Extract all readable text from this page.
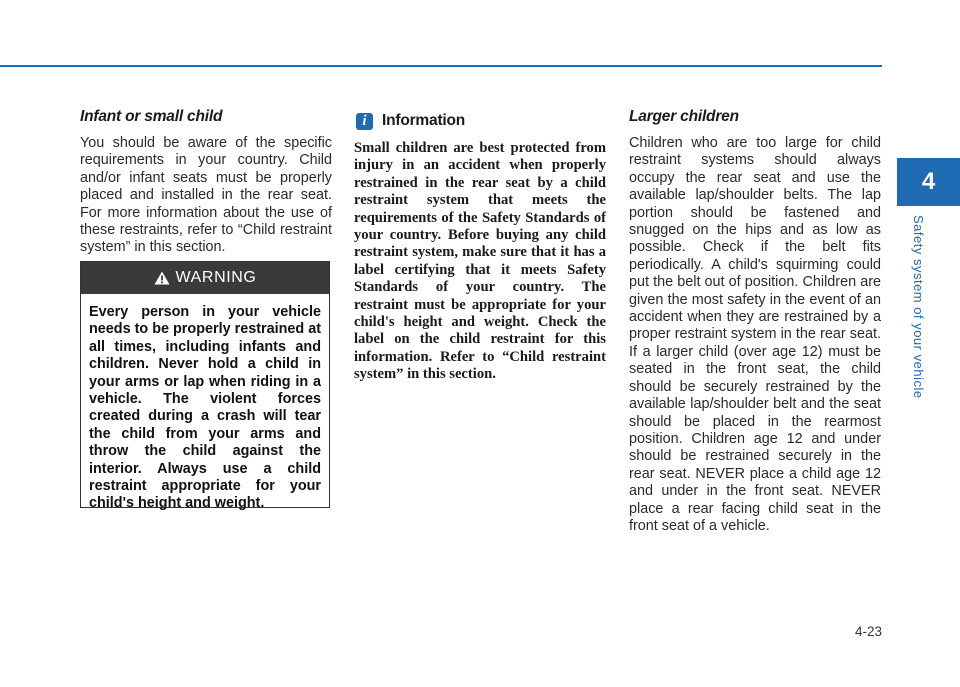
4
Safety system of your vehicle
Infant or small child

You should be aware of the specific requirements in your country. Child and/or infant seats must be properly placed and installed in the rear seat. For more information about the use of these restraints, refer to “Child restraint system” in this section.

WARNING
Every person in your vehicle needs to be properly restrained at all times, including infants and children. Never hold a child in your arms or lap when riding in a vehicle. The violent forces created during a crash will tear the child from your arms and throw the child against the interior. Always use a child restraint appropriate for your child's height and weight.
i Information

Small children are best protected from injury in an accident when properly restrained in the rear seat by a child restraint system that meets the requirements of the Safety Standards of your country. Before buying any child restraint system, make sure that it has a label certifying that it meets Safety Standards of your country. The restraint must be appropriate for your child's height and weight. Check the label on the child restraint for this information. Refer to “Child restraint system” in this section.

Larger children

Children who are too large for child restraint systems should always occupy the rear seat and use the available lap/shoulder belts. The lap portion should be fastened and snugged on the hips and as low as possible. Check if the belt fits periodically. A child's squirming could put the belt out of position. Children are given the most safety in the event of an accident when they are restrained by a proper restraint system in the rear seat. If a larger child (over age 12) must be seated in the front seat, the child should be securely restrained by the available lap/shoulder belt and the seat should be placed in the rearmost position. Children age 12 and under should be restrained securely in the rear seat. NEVER place a child age 12 and under in the front seat. NEVER place a rear facing child seat in the front seat of a vehicle.

4-23
